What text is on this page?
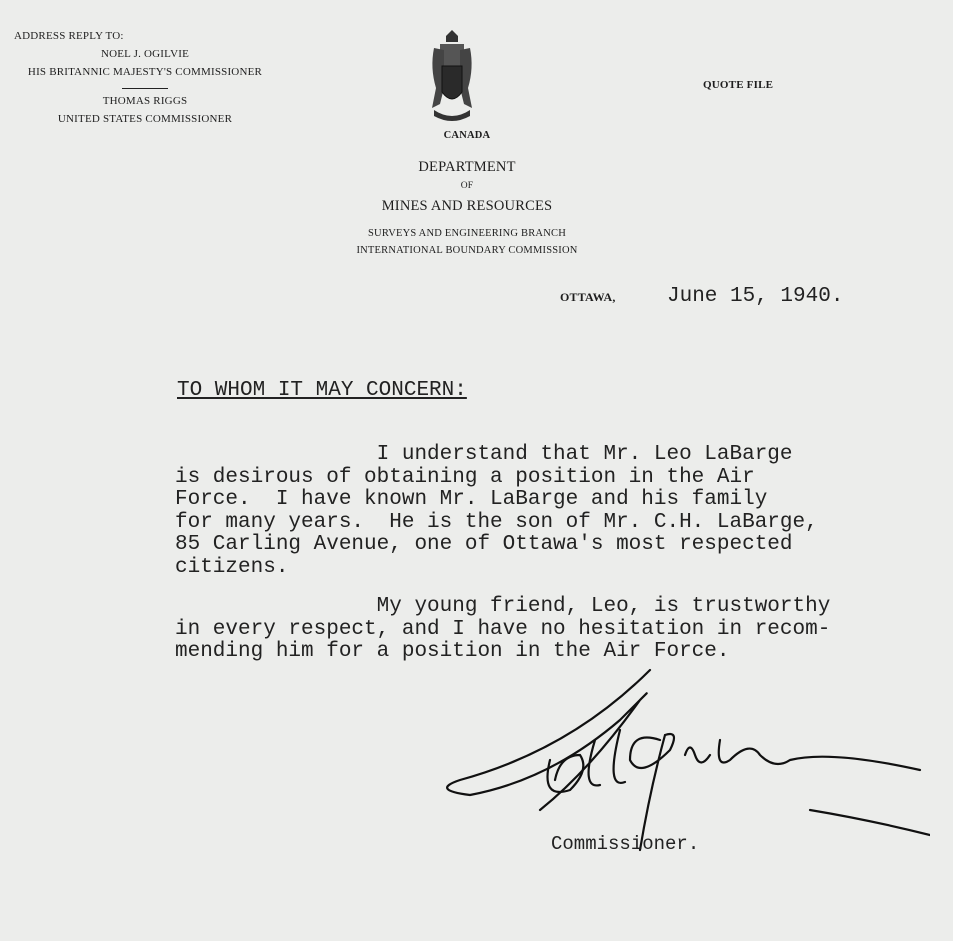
ADDRESS REPLY TO:
NOEL J. OGILVIE
HIS BRITANNIC MAJESTY'S COMMISSIONER
THOMAS RIGGS
UNITED STATES COMMISSIONER
CANADA
DEPARTMENT
OF
MINES AND RESOURCES
SURVEYS AND ENGINEERING BRANCH
INTERNATIONAL BOUNDARY COMMISSION
QUOTE FILE
OTTAWA, June 15, 1940.
TO WHOM IT MAY CONCERN:
I understand that Mr. Leo LaBarge
is desirous of obtaining a position in the Air
Force.  I have known Mr. LaBarge and his family
for many years.  He is the son of Mr. C.H. LaBarge,
85 Carling Avenue, one of Ottawa's most respected
citizens.
My young friend, Leo, is trustworthy
in every respect, and I have no hesitation in recom-
mending him for a position in the Air Force.
Commissioner.
